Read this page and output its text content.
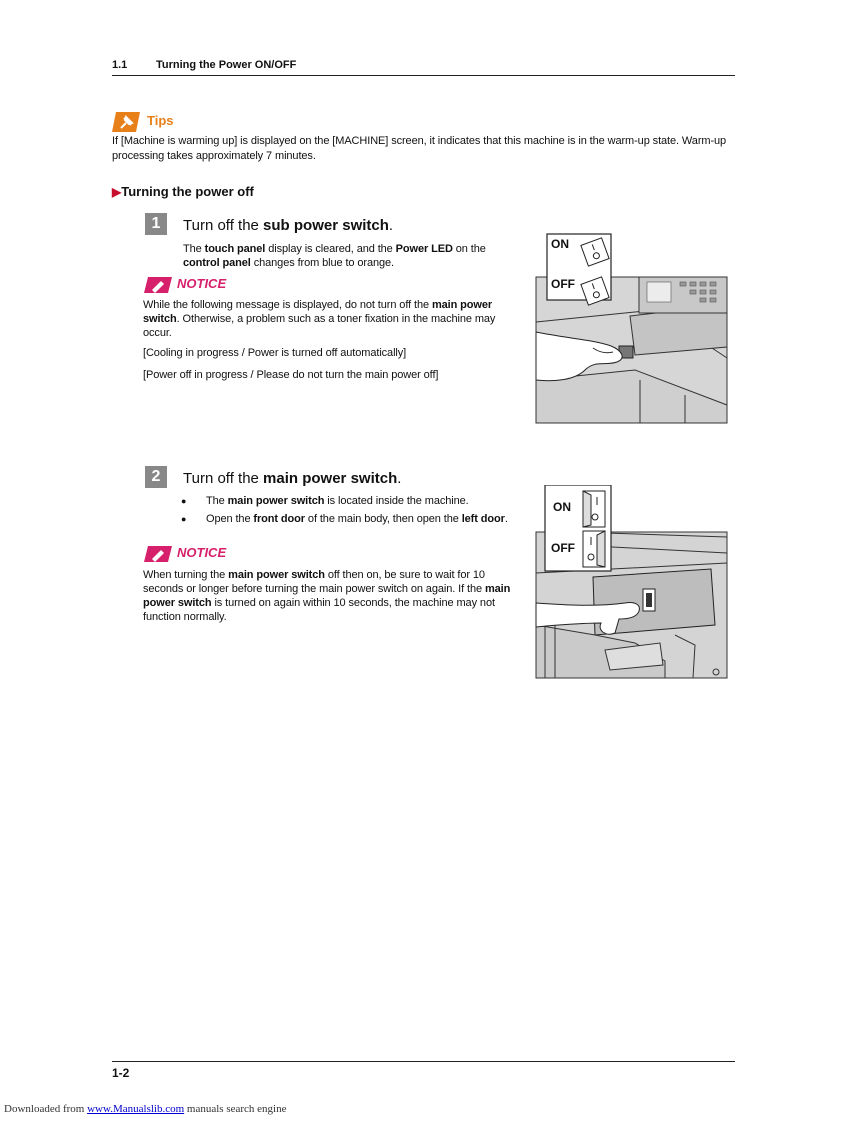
1.1	Turning the Power ON/OFF
Tips
If [Machine is warming up] is displayed on the [MACHINE] screen, it indicates that this machine is in the warm-up state. Warm-up processing takes approximately 7 minutes.
▶Turning the power off
1	Turn off the sub power switch.
The touch panel display is cleared, and the Power LED on the control panel changes from blue to orange.
NOTICE
While the following message is displayed, do not turn off the main power switch. Otherwise, a problem such as a toner fixation in the machine may occur.
[Cooling in progress / Power is turned off automatically]
[Power off in progress / Please do not turn the main power off]
ON
OFF
2	Turn off the main power switch.
● The main power switch is located inside the machine.
● Open the front door of the main body, then open the left door.
NOTICE
When turning the main power switch off then on, be sure to wait for 10 seconds or longer before turning the main power switch on again. If the main power switch is turned on again within 10 seconds, the machine may not function normally.
ON
OFF
1-2
Downloaded from www.Manualslib.com manuals search engine
